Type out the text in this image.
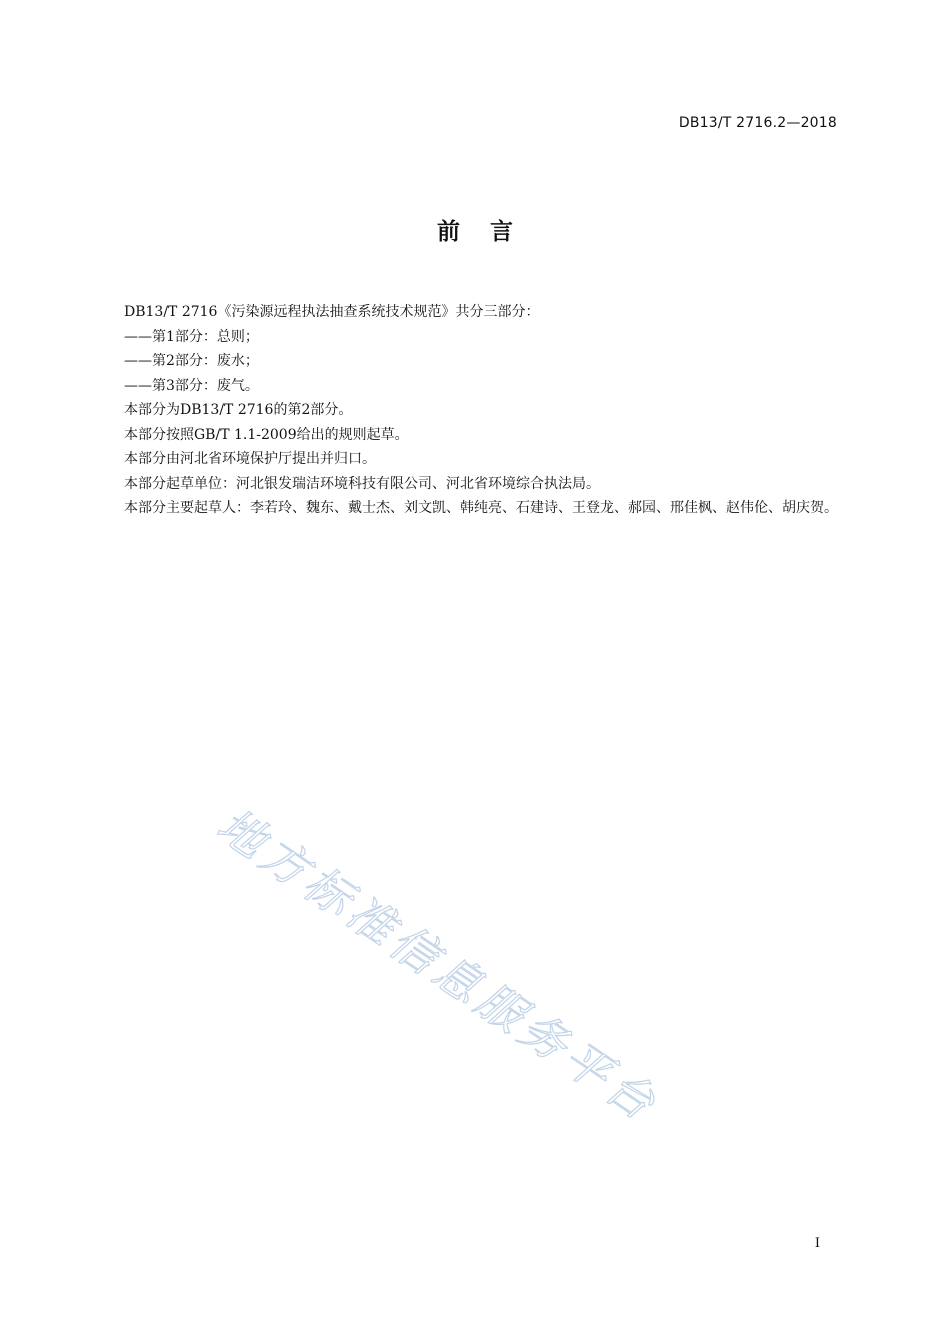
DB13/T 2716.2—2018
前言

DB13/T 2716《污染源远程执法抽查系统技术规范》共分三部分：

——第1部分：总则；

——第2部分：废水；

——第3部分：废气。

本部分为DB13/T 2716的第2部分。

本部分按照GB/T 1.1-2009给出的规则起草。

本部分由河北省环境保护厅提出并归口。

本部分起草单位：河北银发瑞洁环境科技有限公司、河北省环境综合执法局。

本部分主要起草人：李若玲、魏东、戴士杰、刘文凯、韩纯亮、石建诗、王登龙、郝园、邢佳枫、赵伟伦、胡庆贺。

地方标准信息服务平台
I
